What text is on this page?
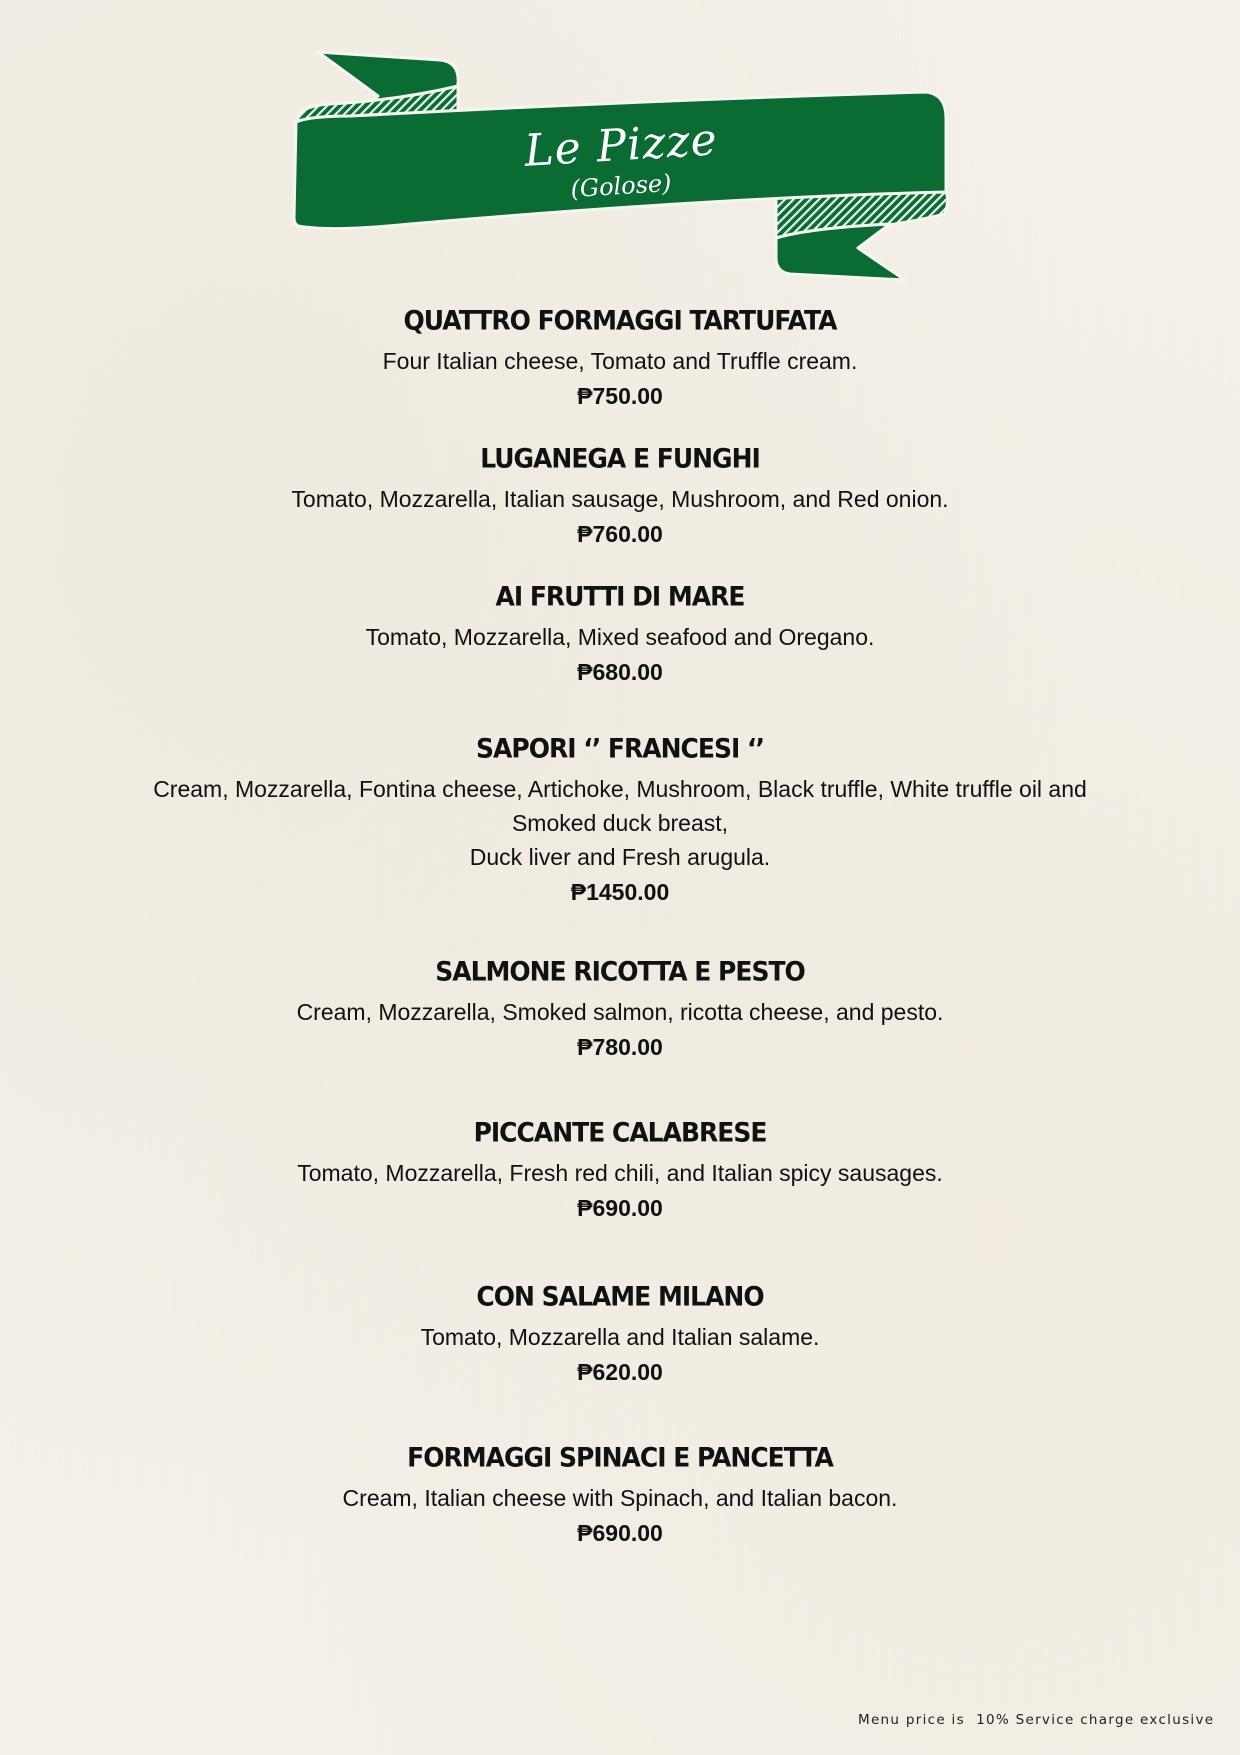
Le Pizze
(Golose)
QUATTRO FORMAGGI TARTUFATA
Four Italian cheese, Tomato and Truffle cream.
₱750.00
LUGANEGA E FUNGHI
Tomato, Mozzarella, Italian sausage, Mushroom, and Red onion.
₱760.00
AI FRUTTI DI MARE
Tomato, Mozzarella, Mixed seafood and Oregano.
₱680.00
SAPORI ‘’ FRANCESI ‘’
Cream, Mozzarella, Fontina cheese, Artichoke, Mushroom, Black truffle, White truffle oil and
Smoked duck breast,
Duck liver and Fresh arugula.
₱1450.00
SALMONE RICOTTA E PESTO
Cream, Mozzarella, Smoked salmon, ricotta cheese, and pesto.
₱780.00
PICCANTE CALABRESE
Tomato, Mozzarella, Fresh red chili, and Italian spicy sausages.
₱690.00
CON SALAME MILANO
Tomato, Mozzarella and Italian salame.
₱620.00
FORMAGGI SPINACI E PANCETTA
Cream, Italian cheese with Spinach, and Italian bacon.
₱690.00
Menu price is  10% Service charge exclusive
